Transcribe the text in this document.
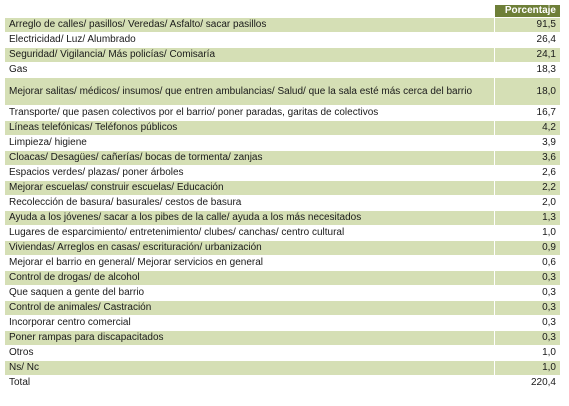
	Porcentaje
Arreglo de calles/ pasillos/ Veredas/ Asfalto/ sacar pasillos	91,5
Electricidad/ Luz/ Alumbrado	26,4
Seguridad/ Vigilancia/ Más policías/ Comisaría	24,1
Gas	18,3
Mejorar salitas/ médicos/ insumos/ que entren ambulancias/ Salud/ que la sala esté más cerca del barrio	18,0
Transporte/ que pasen colectivos por el barrio/ poner paradas, garitas de colectivos	16,7
Líneas telefónicas/ Teléfonos públicos	4,2
Limpieza/ higiene	3,9
Cloacas/ Desagües/ cañerías/ bocas de tormenta/ zanjas	3,6
Espacios verdes/ plazas/ poner árboles	2,6
Mejorar escuelas/ construir escuelas/ Educación	2,2
Recolección de basura/ basurales/ cestos de basura	2,0
Ayuda a los jóvenes/ sacar a los pibes de la calle/ ayuda a los más necesitados	1,3
Lugares de esparcimiento/ entretenimiento/ clubes/ canchas/ centro cultural	1,0
Viviendas/ Arreglos en casas/ escrituración/ urbanización	0,9
Mejorar el barrio en general/ Mejorar servicios en general	0,6
Control de drogas/ de alcohol	0,3
Que saquen a gente del barrio	0,3
Control de animales/ Castración	0,3
Incorporar centro comercial	0,3
Poner rampas para discapacitados	0,3
Otros	1,0
Ns/ Nc	1,0
Total	220,4
